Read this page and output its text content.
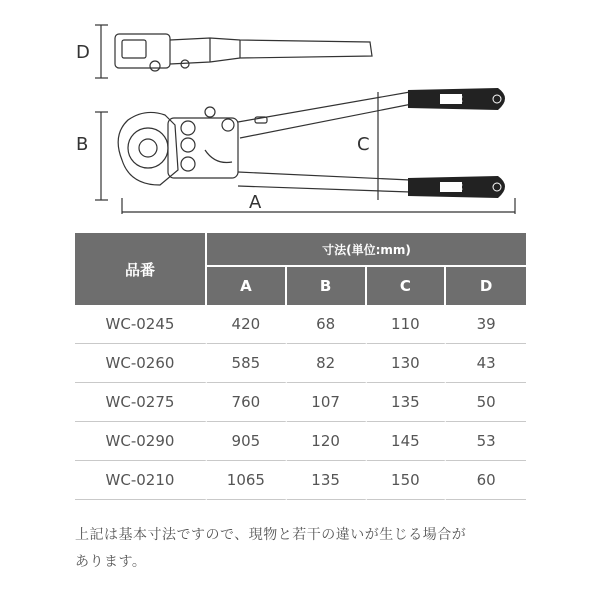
AICC
AICC
D
B	C
A
品番	寸法(単位:mm)			
	A	B	C	D
WC-0245	420	68	110	39
WC-0260	585	82	130	43
WC-0275	760	107	135	50
WC-0290	905	120	145	53
WC-0210	1065	135	150	60
上記は基本寸法ですので、現物と若干の違いが生じる場合が
あります。
